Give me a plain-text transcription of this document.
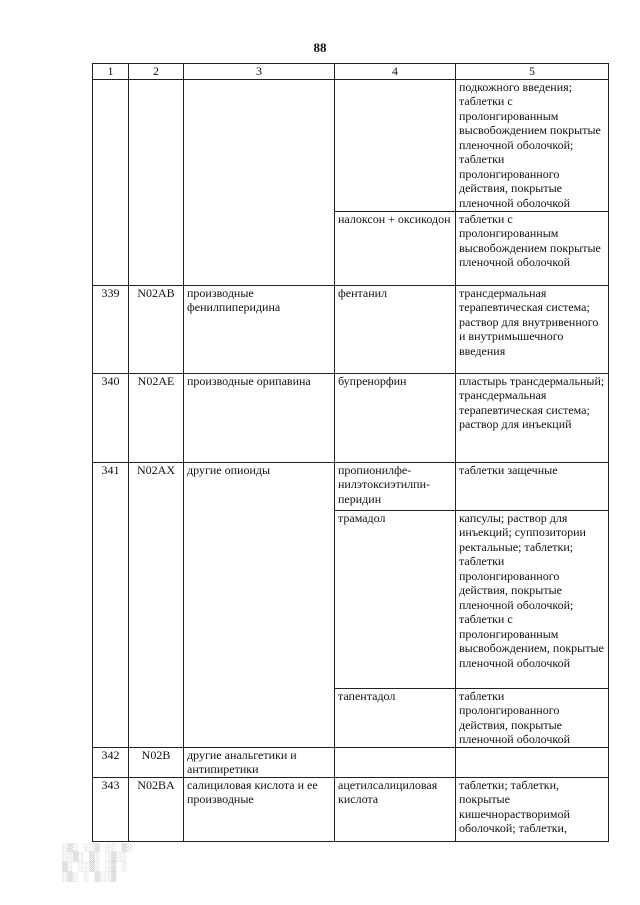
88
1	2	3	4	5
				подкожного введения; таблетки с пролонгированным высвобождением покрытые пленочной оболочкой; таблетки пролонгированного действия, покрытые пленочной оболочкой
			налоксон + оксикодон	таблетки с пролонгированным высвобождением покрытые пленочной оболочкой
339	N02AB	производные фенилпиперидина	фентанил	трансдермальная терапевтическая система; раствор для внутривенного и внутримышечного введения
340	N02AE	производные орипавина	бупренорфин	пластырь трансдермальный; трансдермальная терапевтическая система; раствор для инъекций
341	N02AX	другие опиоиды	пропионилфе-нилэтоксиэтилпи-перидин	таблетки защечные
			трамадол	капсулы; раствор для инъекций; суппозитории ректальные; таблетки; таблетки пролонгированного действия, покрытые пленочной оболочкой; таблетки с пролонгированным высвобождением, покрытые пленочной оболочкой
			тапентадол	таблетки пролонгированного действия, покрытые пленочной оболочкой
342	N02B	другие анальгетики и антипиретики		
343	N02BA	салициловая кислота и ее производные	ацетилсалициловая кислота	таблетки; таблетки, покрытые кишечнорастворимой оболочкой; таблетки,
░▒░ ░░▒ ░░ ▒░
░░▒░ ▒░ ░▒░░
▒░ ░░▒░ ░▒ ░
░▒░ ░ ▒░░▒
